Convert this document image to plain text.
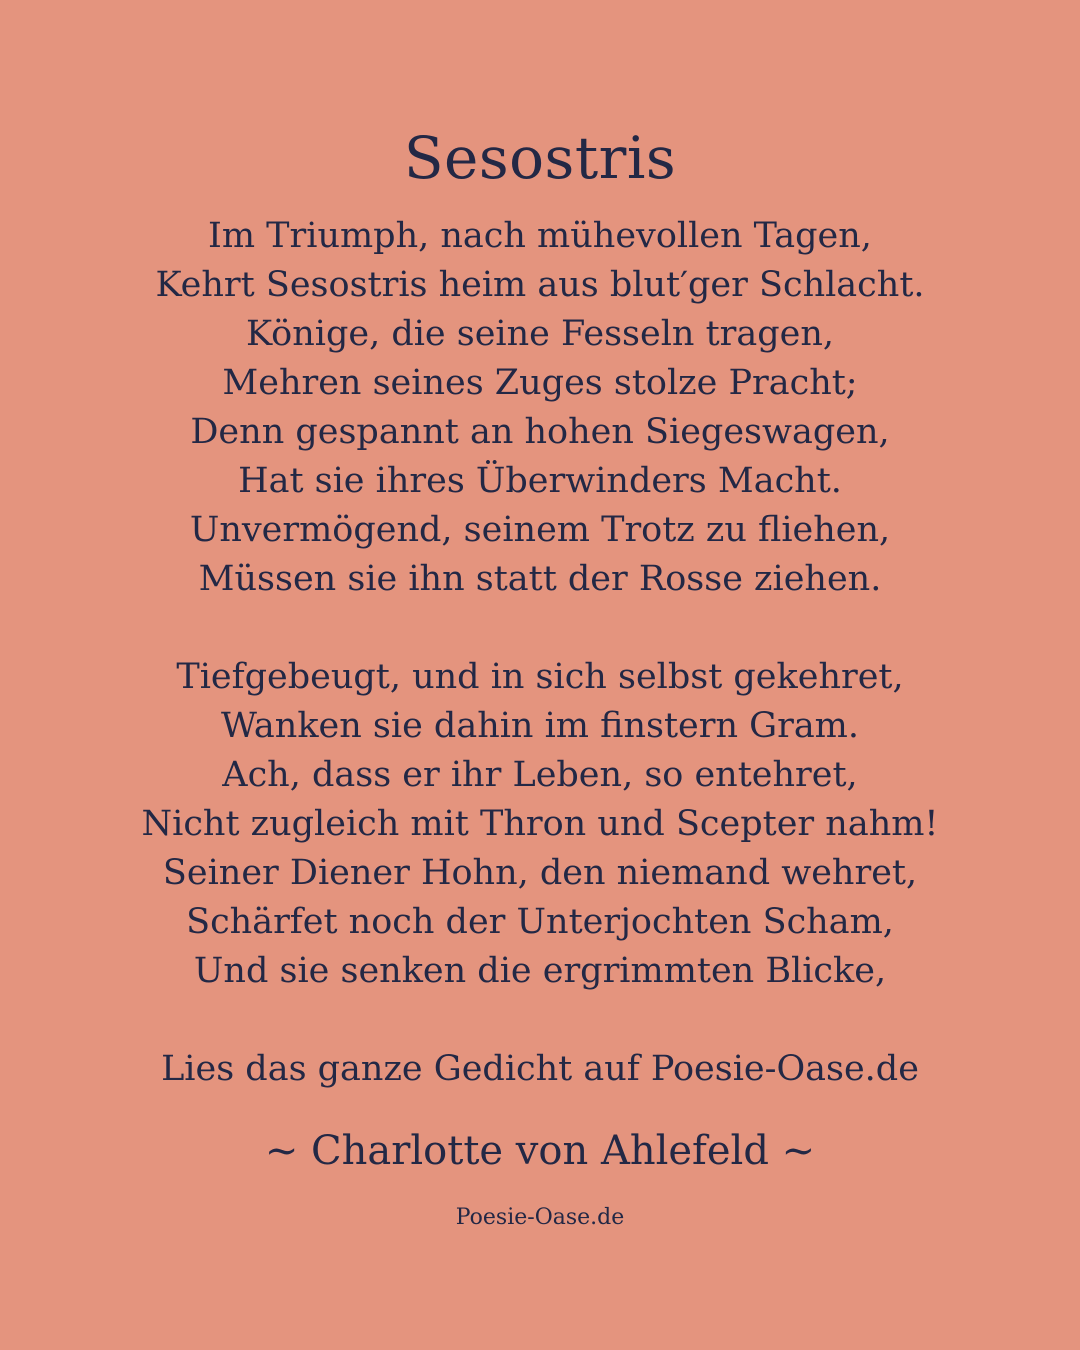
Sesostris
Im Triumph, nach mühevollen Tagen,
Kehrt Sesostris heim aus blut′ger Schlacht.
Könige, die seine Fesseln tragen,
Mehren seines Zuges stolze Pracht;
Denn gespannt an hohen Siegeswagen,
Hat sie ihres Überwinders Macht.
Unvermögend, seinem Trotz zu fliehen,
Müssen sie ihn statt der Rosse ziehen.
Tiefgebeugt, und in sich selbst gekehret,
Wanken sie dahin im finstern Gram.
Ach, dass er ihr Leben, so entehret,
Nicht zugleich mit Thron und Scepter nahm!
Seiner Diener Hohn, den niemand wehret,
Schärfet noch der Unterjochten Scham,
Und sie senken die ergrimmten Blicke,
Lies das ganze Gedicht auf Poesie-Oase.de
~ Charlotte von Ahlefeld ~
Poesie-Oase.de
